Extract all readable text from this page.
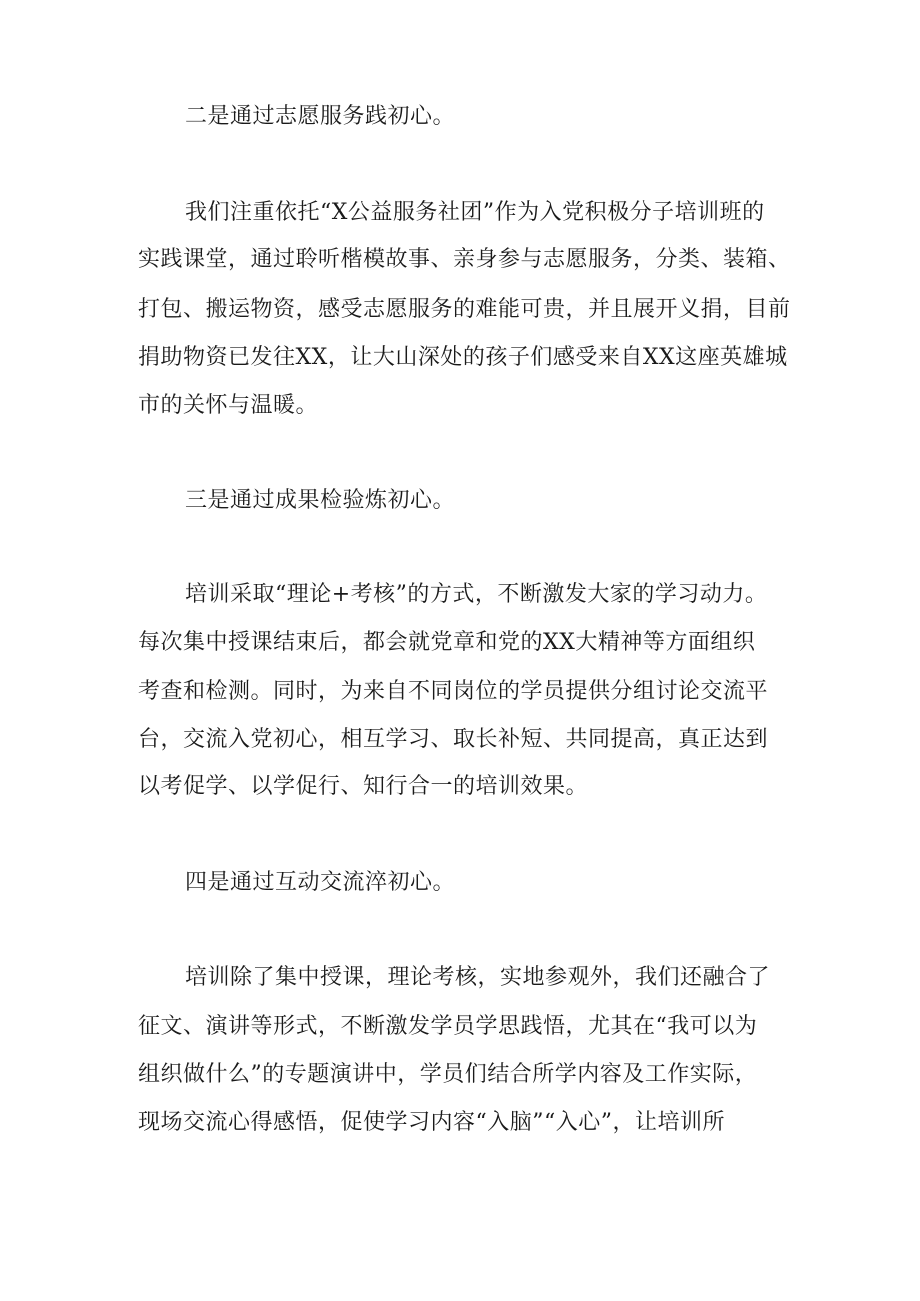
二是通过志愿服务践初心。
我们注重依托“X公益服务社团”作为入党积极分子培训班的
实践课堂，通过聆听楷模故事、亲身参与志愿服务，分类、装箱、
打包、搬运物资，感受志愿服务的难能可贵，并且展开义捐，目前
捐助物资已发往XX，让大山深处的孩子们感受来自XX这座英雄城
市的关怀与温暖。
三是通过成果检验炼初心。
培训采取“理论+考核”的方式，不断激发大家的学习动力。
每次集中授课结束后，都会就党章和党的XX大精神等方面组织
考查和检测。同时，为来自不同岗位的学员提供分组讨论交流平
台，交流入党初心，相互学习、取长补短、共同提高，真正达到
以考促学、以学促行、知行合一的培训效果。
四是通过互动交流淬初心。
培训除了集中授课，理论考核，实地参观外，我们还融合了
征文、演讲等形式，不断激发学员学思践悟，尤其在“我可以为
组织做什么”的专题演讲中，学员们结合所学内容及工作实际，
现场交流心得感悟，促使学习内容“入脑”“入心”，让培训所
